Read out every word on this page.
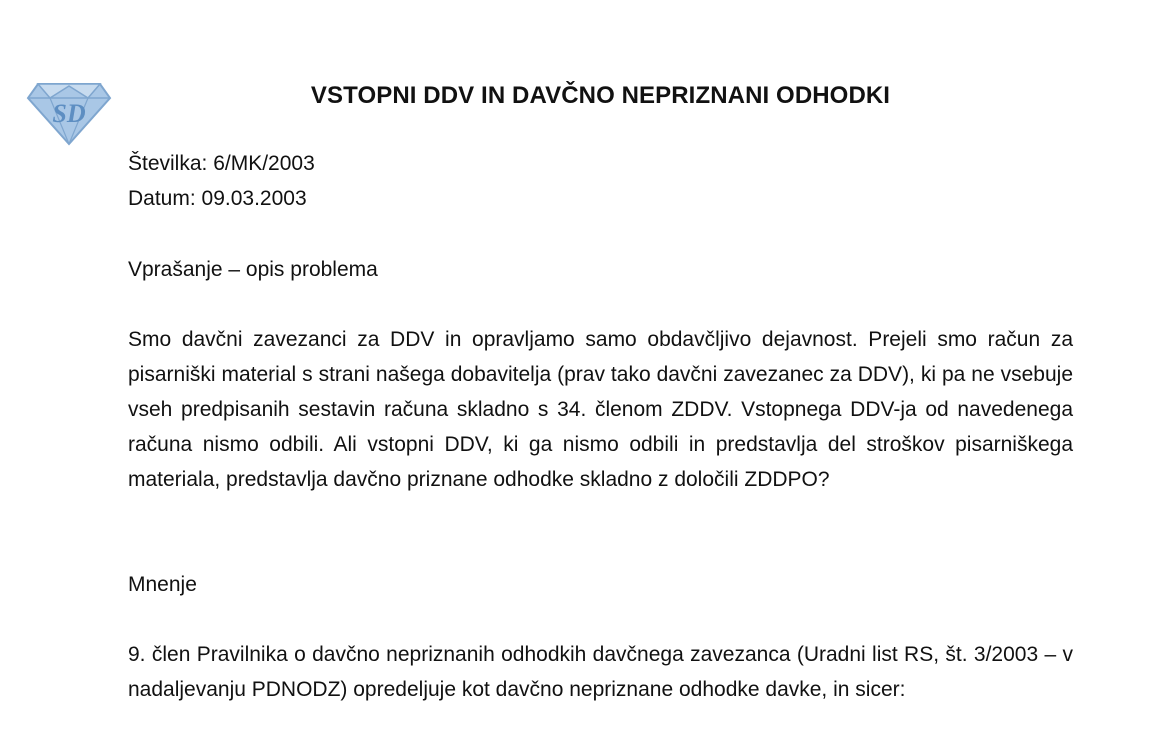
SD
VSTOPNI DDV IN DAVČNO NEPRIZNANI ODHODKI
Številka: 6/MK/2003
Datum: 09.03.2003
Vprašanje – opis problema

Smo davčni zavezanci za DDV in opravljamo samo obdavčljivo dejavnost. Prejeli smo račun za pisarniški material s strani našega dobavitelja (prav tako davčni zavezanec za DDV), ki pa ne vsebuje vseh predpisanih sestavin računa skladno s 34. členom ZDDV. Vstopnega DDV-ja od navedenega računa nismo odbili. Ali vstopni DDV, ki ga nismo odbili in predstavlja del stroškov pisarniškega materiala, predstavlja davčno priznane odhodke skladno z določili ZDDPO?

Mnenje

9. člen Pravilnika o davčno nepriznanih odhodkih davčnega zavezanca (Uradni list RS, št. 3/2003 – v nadaljevanju PDNODZ) opredeljuje kot davčno nepriznane odhodke davke, in sicer:
